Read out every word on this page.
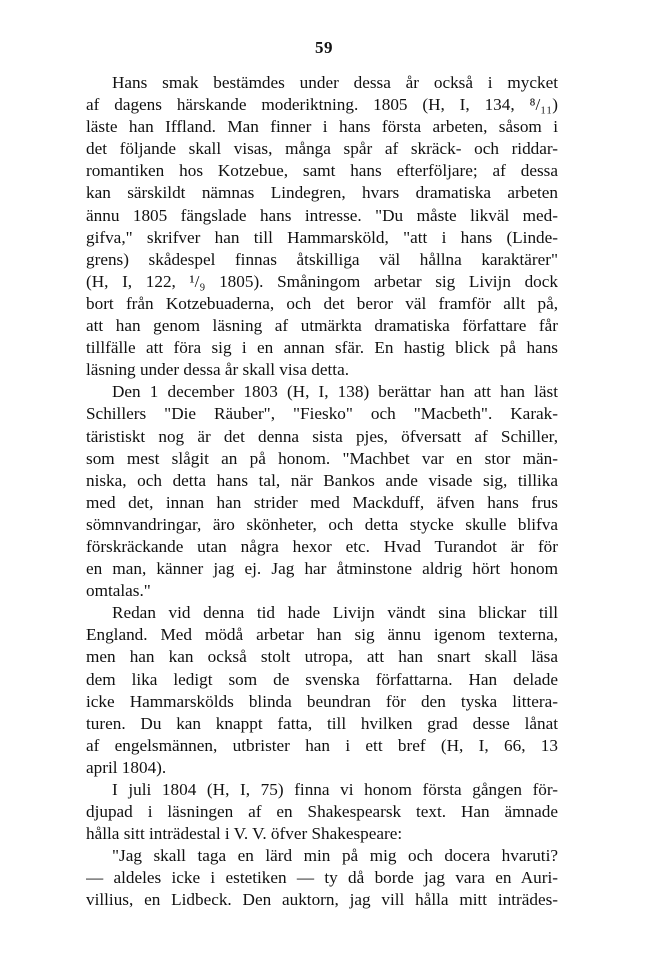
59
Hans smak bestämdes under dessa år också i mycket
af dagens härskande moderiktning. 1805 (H, I, 134, ⁸/₁₁)
läste han Iffland. Man finner i hans första arbeten, såsom i
det följande skall visas, många spår af skräck- och riddar-
romantiken hos Kotzebue, samt hans efterföljare; af dessa
kan särskildt nämnas Lindegren, hvars dramatiska arbeten
ännu 1805 fängslade hans intresse. "Du måste likväl med-
gifva," skrifver han till Hammarsköld, "att i hans (Linde-
grens) skådespel finnas åtskilliga väl hållna karaktärer"
(H, I, 122, ¹/₉ 1805). Småningom arbetar sig Livijn dock
bort från Kotzebuaderna, och det beror väl framför allt på,
att han genom läsning af utmärkta dramatiska författare får
tillfälle att föra sig i en annan sfär. En hastig blick på hans
läsning under dessa år skall visa detta.
Den 1 december 1803 (H, I, 138) berättar han att han läst
Schillers "Die Räuber", "Fiesko" och "Macbeth". Karak-
täristiskt nog är det denna sista pjes, öfversatt af Schiller,
som mest slågit an på honom. "Machbet var en stor män-
niska, och detta hans tal, när Bankos ande visade sig, tillika
med det, innan han strider med Mackduff, äfven hans frus
sömnvandringar, äro skönheter, och detta stycke skulle blifva
förskräckande utan några hexor etc. Hvad Turandot är för
en man, känner jag ej. Jag har åtminstone aldrig hört honom
omtalas."
Redan vid denna tid hade Livijn vändt sina blickar till
England. Med mödå arbetar han sig ännu igenom texterna,
men han kan också stolt utropa, att han snart skall läsa
dem lika ledigt som de svenska författarna. Han delade
icke Hammarskölds blinda beundran för den tyska littera-
turen. Du kan knappt fatta, till hvilken grad desse lånat
af engelsmännen, utbrister han i ett bref (H, I, 66, 13
april 1804).
I juli 1804 (H, I, 75) finna vi honom första gången för-
djupad i läsningen af en Shakespearsk text. Han ämnade
hålla sitt inträdestal i V. V. öfver Shakespeare:
"Jag skall taga en lärd min på mig och docera hvaruti?
— aldeles icke i estetiken — ty då borde jag vara en Auri-
villius, en Lidbeck. Den auktorn, jag vill hålla mitt inträdes-
